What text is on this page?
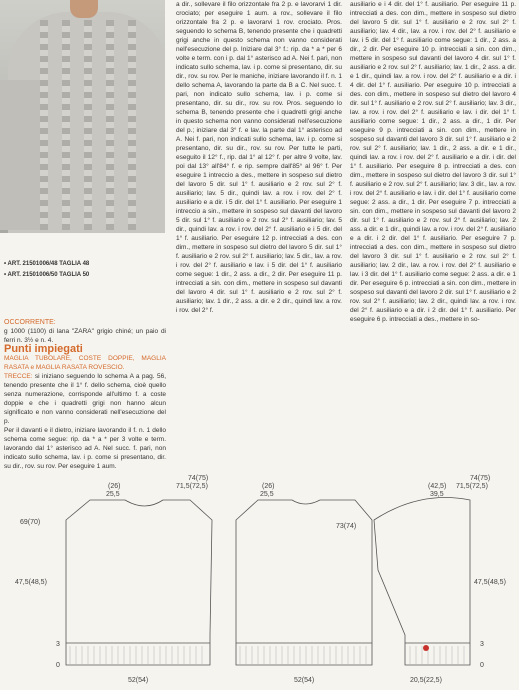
• ART. 21501006/48 TAGLIA 48
• ART. 21501006/50 TAGLIA 50

OCCORRENTE:

g 1000 (1100) di lana "ZARA" grigio chiné; un paio di ferri n. 3½ e n. 4.

Punti impiegati

MAGLIA TUBOLARE, COSTE DOPPIE, MAGLIA RASATA e MAGLIA RASATA ROVESCIO.

TRECCE: si iniziano seguendo lo schema A a pag. 56, tenendo presente che il 1° f. dello schema, cioè quello senza numerazione, corrisponde all'ultimo f. a coste doppie e che i quadretti grigi non hanno alcun significato e non vanno considerati nell'esecuzione del p.

Per il davanti e il dietro, iniziare lavorando il f. n. 1 dello schema come segue: rip. da * a * per 3 volte e term. lavorando dal 1° asterisco ad A. Nel succ. f. pari, non indicato sullo schema, lav. i p. come si presentano, dir. su dir., rov. su rov. Per eseguire 1 aum.

a dir., sollevare il filo orizzontale fra 2 p. e lavorarvi 1 dir. crociato; per eseguire 1 aum. a rov., sollevare il filo orizzontale fra 2 p. e lavorarvi 1 rov. crociato. Pros. seguendo lo schema B, tenendo presente che i quadretti grigi anche in questo schema non vanno considerati nell'esecuzione del p. Iniziare dal 3° f.: rip. da * a * per 6 volte e term. con i p. dal 1° asterisco ad A. Nei f. pari, non indicato sullo schema, lav. i p. come si presentano, dir. su dir., rov. su rov. Per le maniche, iniziare lavorando il f. n. 1 dello schema A, lavorando la parte da B a C. Nel succ. f. pari, non indicato sullo schema, lav. i p. come si presentano, dir. su dir., rov. su rov. Pros. seguendo lo schema B, tenendo presente che i quadretti grigi anche in questo schema non vanno considerati nell'esecuzione del p.; iniziare dal 3° f. e lav. la parte dal 1° asterisco ad A. Nei f. pari, non indicati sullo schema, lav. i p. come si presentano, dir. su dir., rov. su rov. Per tutte le parti, eseguito il 12° f., rip. dal 1° al 12° f. per altre 9 volte, lav. poi dal 13° all'84° f. e rip. sempre dall'85° al 96° f. Per eseguire 1 intreccio a des., mettere in sospeso sul dietro del lavoro 5 dir. sul 1° f. ausiliario e 2 rov. sul 2° f. ausiliario; lav. 5 dir., quindi lav. a rov. i rov. del 2° f. ausiliario e a dir. i 5 dir. del 1° f. ausiliario. Per eseguire 1 intreccio a sin., mettere in sospeso sul davanti del lavoro 5 dir. sul 1° f. ausiliario e 2 rov. sul 2° f. ausiliario; lav. 5 dir., quindi lav. a rov. i rov. del 2° f. ausiliario e i 5 dir. del 1° f. ausiliario. Per eseguire 12 p. intrecciati a des. con dim., mettere in sospeso sul dietro del lavoro 5 dir. sul 1° f. ausiliario e 2 rov. sul 2° f. ausiliario; lav. 5 dir., lav. a rov. i rov. del 2° f. ausiliario e lav. i 5 dir. del 1° f. ausiliario come segue: 1 dir., 2 ass. a dir., 2 dir. Per eseguire 11 p. intrecciati a sin. con dim., mettere in sospeso sul davanti del lavoro 4 dir. sul 1° f. ausiliario e 2 rov. sul 2° f. ausiliario; lav. 1 dir., 2 ass. a dir. e 2 dir., quindi lav. a rov. i rov. del 2° f.

ausiliario e i 4 dir. del 1° f. ausiliario. Per eseguire 11 p. intrecciati a des. con dim., mettere in sospeso sul dietro del lavoro 5 dir. sul 1° f. ausiliario e 2 rov. sul 2° f. ausiliario; lav. 4 dir., lav. a rov. i rov. del 2° f. ausiliario e lav. i 5 dir. del 1° f. ausiliario come segue: 1 dir., 2 ass. a dir., 2 dir. Per eseguire 10 p. intrecciati a sin. con dim., mettere in sospeso sul davanti del lavoro 4 dir. sul 1° f. ausiliario e 2 rov. sul 2° f. ausiliario; lav. 1 dir., 2 ass. a dir. e 1 dir., quindi lav. a rov. i rov. del 2° f. ausiliario e a dir. i 4 dir. del 1° f. ausiliario. Per eseguire 10 p. intrecciati a des. con dim., mettere in sospeso sul dietro del lavoro 4 dir. sul 1° f. ausiliario e 2 rov. sul 2° f. ausiliario; lav. 3 dir., lav. a rov. i rov. del 2° f. ausiliario e lav. i dir. del 1° f. ausiliario come segue: 1 dir., 2 ass. a dir., 1 dir. Per eseguire 9 p. intrecciati a sin. con dim., mettere in sospeso sul davanti del lavoro 3 dir. sul 1° f. ausiliario e 2 rov. sul 2° f. ausiliario; lav. 1 dir., 2 ass. a dir. e 1 dir., quindi lav. a rov. i rov. del 2° f. ausiliario e a dir. i dir. del 1° f. ausiliario. Per eseguire 8 p. intrecciati a des. con dim., mettere in sospeso sul dietro del lavoro 3 dir. sul 1° f. ausiliario e 2 rov. sul 2° f. ausiliario; lav. 3 dir., lav. a rov. i rov. del 2° f. ausiliario e lav. i dir. del 1° f. ausiliario come segue: 2 ass. a dir., 1 dir. Per eseguire 7 p. intrecciati a sin. con dim., mettere in sospeso sul davanti del lavoro 2 dir. sul 1° f. ausiliario e 2 rov. sul 2° f. ausiliario; lav. 2 ass. a dir. e 1 dir., quindi lav. a rov. i rov. del 2° f. ausiliario e a dir. i 2 dir. del 1° f. ausiliario. Per eseguire 7 p. intrecciati a des. con dim., mettere in sospeso sul dietro del lavoro 3 dir. sul 1° f. ausiliario e 2 rov. sul 2° f. ausiliario; lav. 2 dir., lav. a rov. i rov. del 2° f. ausiliario e lav. i 3 dir. del 1° f. ausiliario come segue: 2 ass. a dir. e 1 dir. Per eseguire 6 p. intrecciati a sin. con dim., mettere in sospeso sul davanti del lavoro 2 dir. sul 1° f. ausiliario e 2 rov. sul 2° f. ausiliario; lav. 2 dir., quindi lav. a rov. i rov. del 2° f. ausiliario e a dir. i 2 dir. del 1° f. ausiliario. Per eseguire 6 p. intrecciati a des., mettere in so-

(26)
25,5
69(70)
47,5(48,5)
3
0
52(54)
74(75)
71,5(72,5)	(26)
25,5
73(74)
52(54)
(42,5)
39,5
74(75)
71,5(72,5)
47,5(48,5)
3
0
20,5(22,5)
